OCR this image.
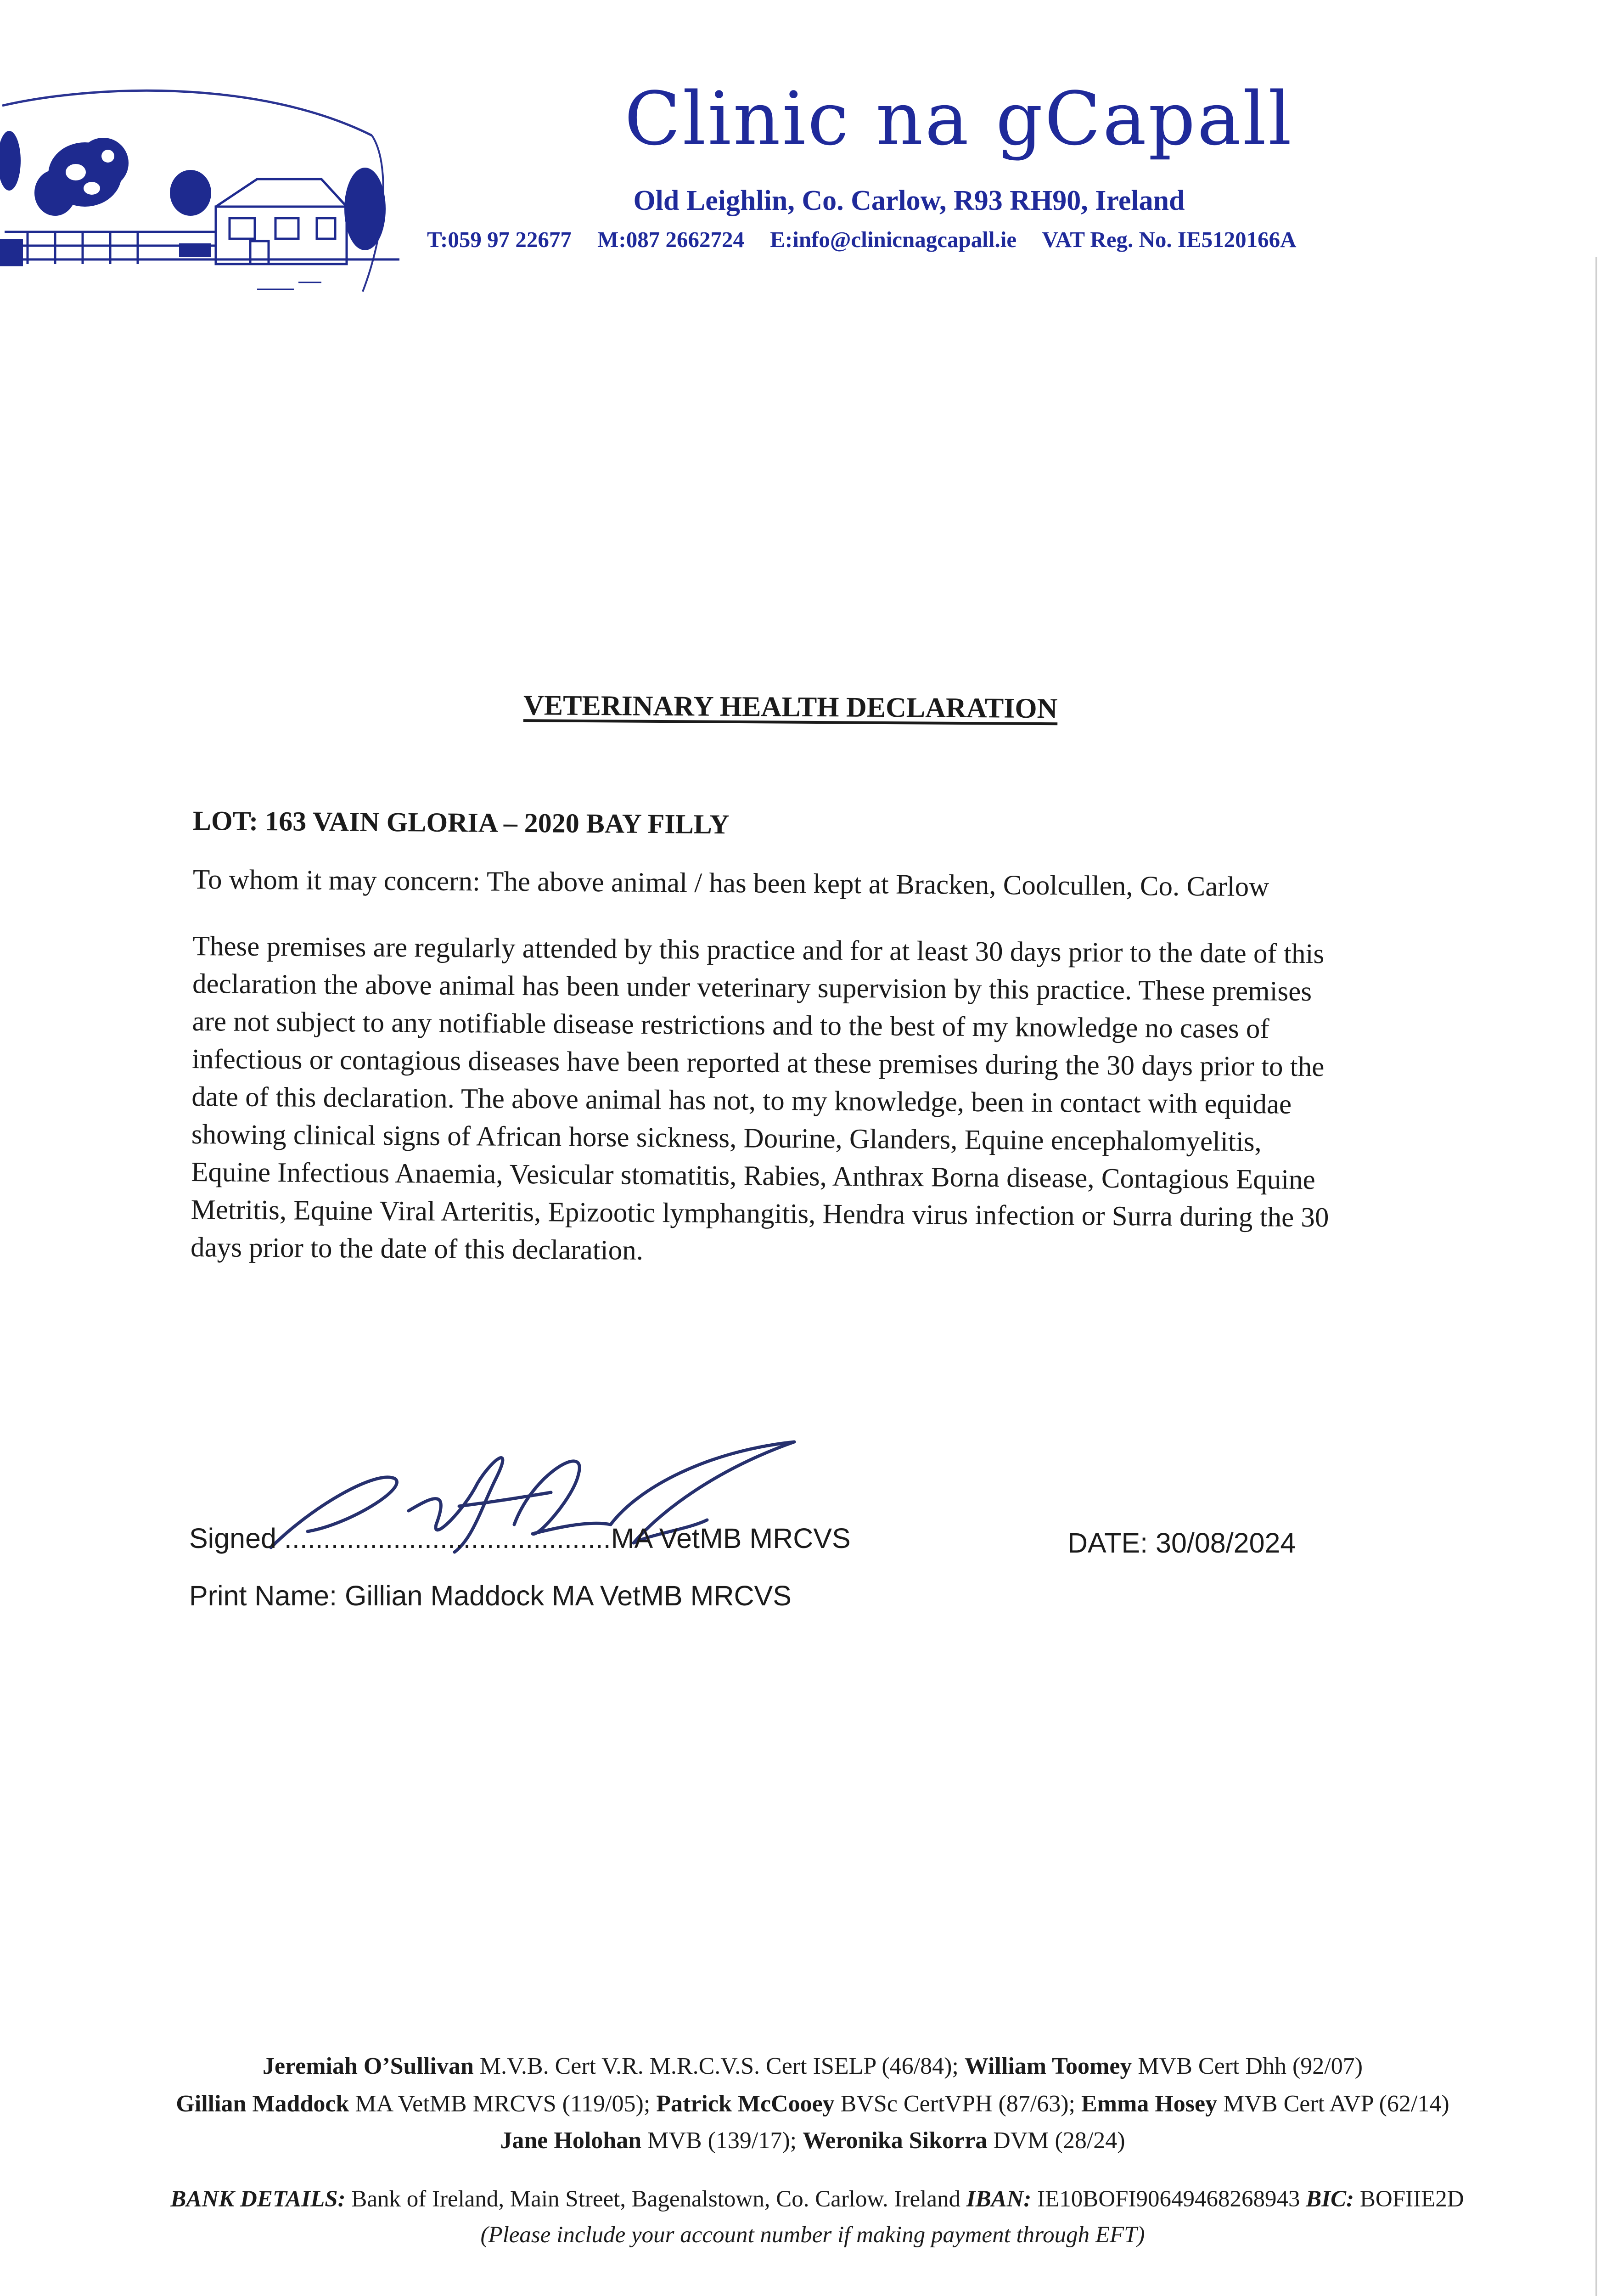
Clinic na gCapall
Old Leighlin, Co. Carlow, R93 RH90, Ireland
T:059 97 22677 M:087 2662724 E:info@clinicnagcapall.ie VAT Reg. No. IE5120166A
VETERINARY HEALTH DECLARATION
LOT: 163 VAIN GLORIA – 2020 BAY FILLY
To whom it may concern: The above animal / has been kept at Bracken, Coolcullen, Co. Carlow
These premises are regularly attended by this practice and for at least 30 days prior to the date of this
declaration the above animal has been under veterinary supervision by this practice. These premises
are not subject to any notifiable disease restrictions and to the best of my knowledge no cases of
infectious or contagious diseases have been reported at these premises during the 30 days prior to the
date of this declaration. The above animal has not, to my knowledge, been in contact with equidae
showing clinical signs of African horse sickness, Dourine, Glanders, Equine encephalomyelitis,
Equine Infectious Anaemia, Vesicular stomatitis, Rabies, Anthrax Borna disease, Contagious Equine
Metritis, Equine Viral Arteritis, Epizootic lymphangitis, Hendra virus infection or Surra during the 30
days prior to the date of this declaration.
Signed ..........................................MA VetMB MRCVS	DATE: 30/08/2024
Print Name: Gillian Maddock MA VetMB MRCVS
Jeremiah O’Sullivan M.V.B. Cert V.R. M.R.C.V.S. Cert ISELP (46/84); William Toomey MVB Cert Dhh (92/07)
Gillian Maddock MA VetMB MRCVS (119/05); Patrick McCooey BVSc CertVPH (87/63); Emma Hosey MVB Cert AVP (62/14)
Jane Holohan MVB (139/17); Weronika Sikorra DVM (28/24)
BANK DETAILS: Bank of Ireland, Main Street, Bagenalstown, Co. Carlow. Ireland IBAN: IE10BOFI90649468268943 BIC: BOFIIE2D
(Please include your account number if making payment through EFT)
